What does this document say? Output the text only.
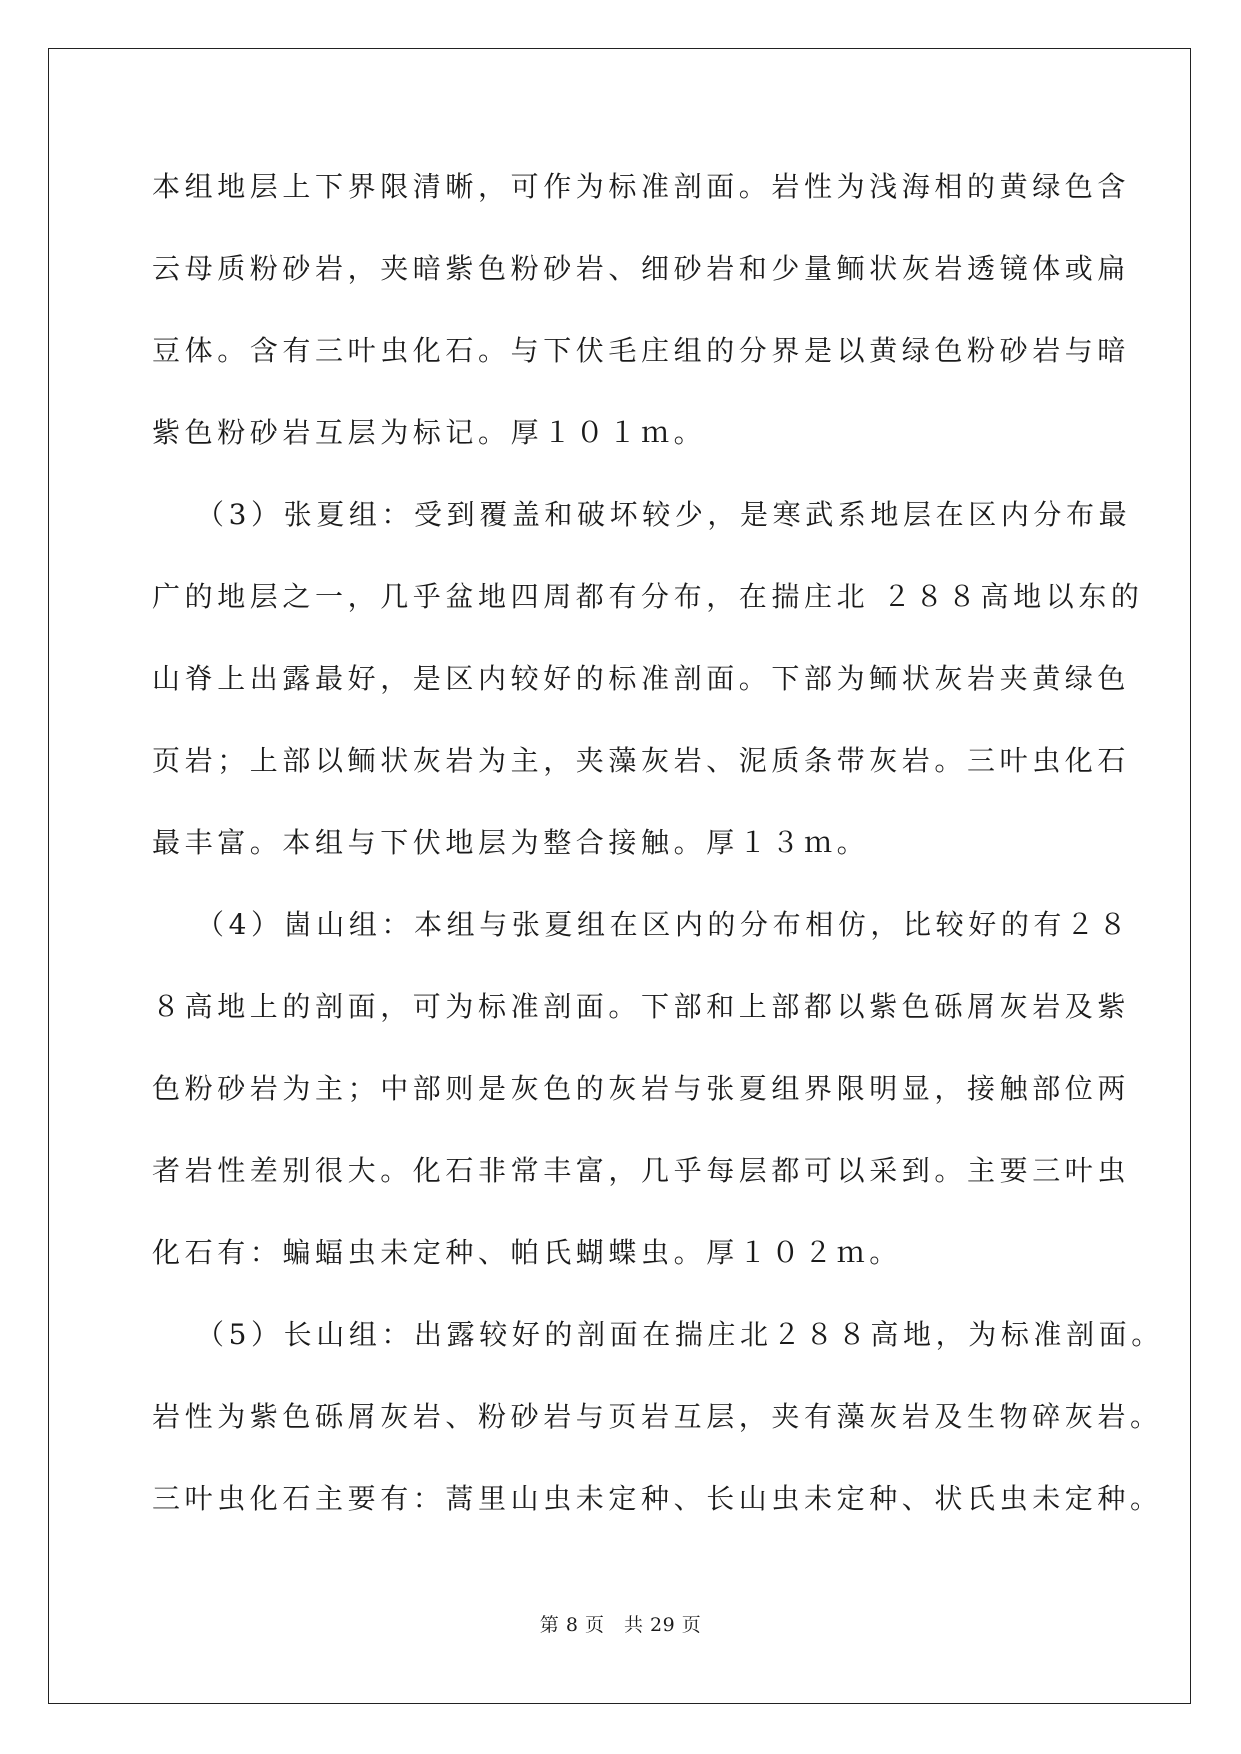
本组地层上下界限清晰，可作为标准剖面。岩性为浅海相的黄绿色含
云母质粉砂岩，夹暗紫色粉砂岩、细砂岩和少量鲕状灰岩透镜体或扁
豆体。含有三叶虫化石。与下伏毛庄组的分界是以黄绿色粉砂岩与暗
紫色粉砂岩互层为标记。厚１０１ｍ。
（3）张夏组：受到覆盖和破坏较少，是寒武系地层在区内分布最
广的地层之一，几乎盆地四周都有分布，在揣庄北 ２８８高地以东的
山脊上出露最好，是区内较好的标准剖面。下部为鲕状灰岩夹黄绿色
页岩；上部以鲕状灰岩为主，夹藻灰岩、泥质条带灰岩。三叶虫化石
最丰富。本组与下伏地层为整合接触。厚１３ｍ。
（4）崮山组：本组与张夏组在区内的分布相仿，比较好的有２８
８高地上的剖面，可为标准剖面。下部和上部都以紫色砾屑灰岩及紫
色粉砂岩为主；中部则是灰色的灰岩与张夏组界限明显，接触部位两
者岩性差别很大。化石非常丰富，几乎每层都可以采到。主要三叶虫
化石有：蝙蝠虫未定种、帕氏蝴蝶虫。厚１０２ｍ。
（5）长山组：出露较好的剖面在揣庄北２８８高地，为标准剖面。
岩性为紫色砾屑灰岩、粉砂岩与页岩互层，夹有藻灰岩及生物碎灰岩。
三叶虫化石主要有：蒿里山虫未定种、长山虫未定种、状氏虫未定种。
第 8 页　共 29 页
